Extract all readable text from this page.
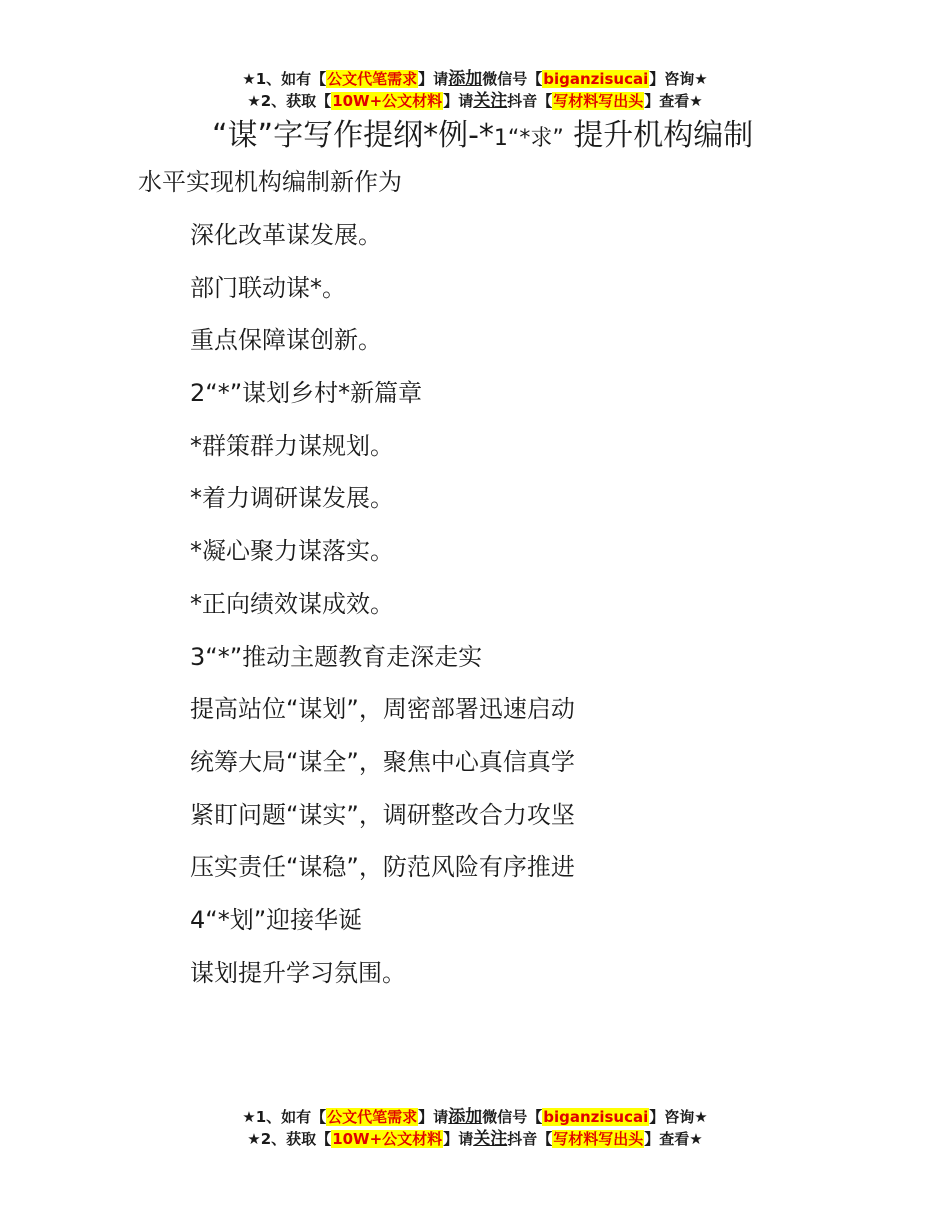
★1、如有【公文代笔需求】请添加微信号【biganzisucai】咨询★
★2、获取【10W+公文材料】请关注抖音【写材料写出头】查看★
“谋”字写作提纲*例-*1“*求” 提升机构编制
水平实现机构编制新作为
深化改革谋发展。
部门联动谋*。
重点保障谋创新。
2“*”谋划乡村*新篇章
*群策群力谋规划。
*着力调研谋发展。
*凝心聚力谋落实。
*正向绩效谋成效。
3“*”推动主题教育走深走实
提高站位“谋划”，周密部署迅速启动
统筹大局“谋全”，聚焦中心真信真学
紧盯问题“谋实”，调研整改合力攻坚
压实责任“谋稳”，防范风险有序推进
4“*划”迎接华诞
谋划提升学习氛围。
★1、如有【公文代笔需求】请添加微信号【biganzisucai】咨询★
★2、获取【10W+公文材料】请关注抖音【写材料写出头】查看★
